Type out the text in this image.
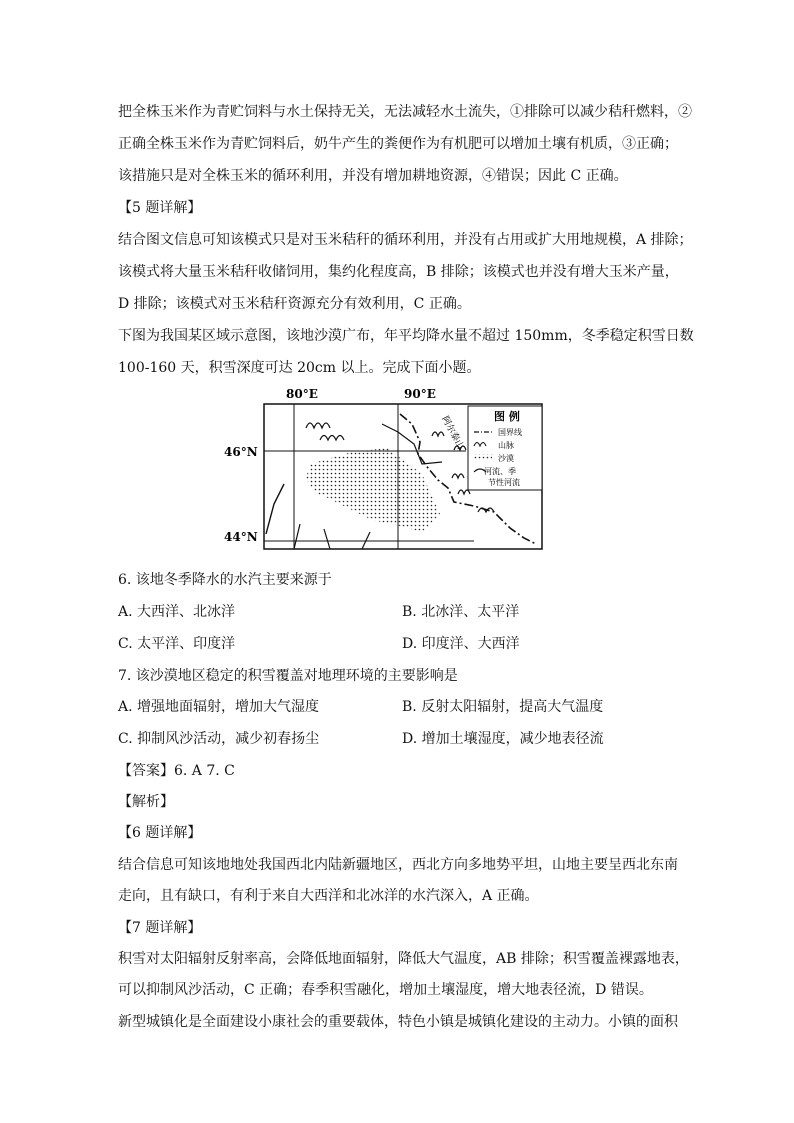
把全株玉米作为青贮饲料与水土保持无关，无法减轻水土流失，①排除可以减少秸秆燃料，②
正确全株玉米作为青贮饲料后，奶牛产生的粪便作为有机肥可以增加土壤有机质，③正确；
该措施只是对全株玉米的循环利用，并没有增加耕地资源，④错误；因此 C 正确。
【5 题详解】
结合图文信息可知该模式只是对玉米秸秆的循环利用，并没有占用或扩大用地规模，A 排除；
该模式将大量玉米秸秆收储饲用，集约化程度高，B 排除；该模式也并没有增大玉米产量，
D 排除；该模式对玉米秸秆资源充分有效利用，C 正确。
下图为我国某区域示意图，该地沙漠广布，年平均降水量不超过 150mm，冬季稳定积雪日数
100-160 天，积雪深度可达 20cm 以上。完成下面小题。
阿尔泰山	图 例
国界线
山脉
沙漠
河流、季
节性河流
80°E	90°E
46°N
44°N
6. 该地冬季降水的水汽主要来源于
A. 大西洋、北冰洋	B. 北冰洋、太平洋
C. 太平洋、印度洋	D. 印度洋、大西洋
7. 该沙漠地区稳定的积雪覆盖对地理环境的主要影响是
A. 增强地面辐射，增加大气湿度	B. 反射太阳辐射，提高大气温度
C. 抑制风沙活动，减少初春扬尘	D. 增加土壤湿度，减少地表径流
【答案】6. A 7. C
【解析】
【6 题详解】
结合信息可知该地地处我国西北内陆新疆地区，西北方向多地势平坦，山地主要呈西北东南
走向，且有缺口，有利于来自大西洋和北冰洋的水汽深入，A 正确。
【7 题详解】
积雪对太阳辐射反射率高，会降低地面辐射，降低大气温度，AB 排除；积雪覆盖裸露地表，
可以抑制风沙活动，C 正确；春季积雪融化，增加土壤湿度，增大地表径流，D 错误。
新型城镇化是全面建设小康社会的重要载体，特色小镇是城镇化建设的主动力。小镇的面积
